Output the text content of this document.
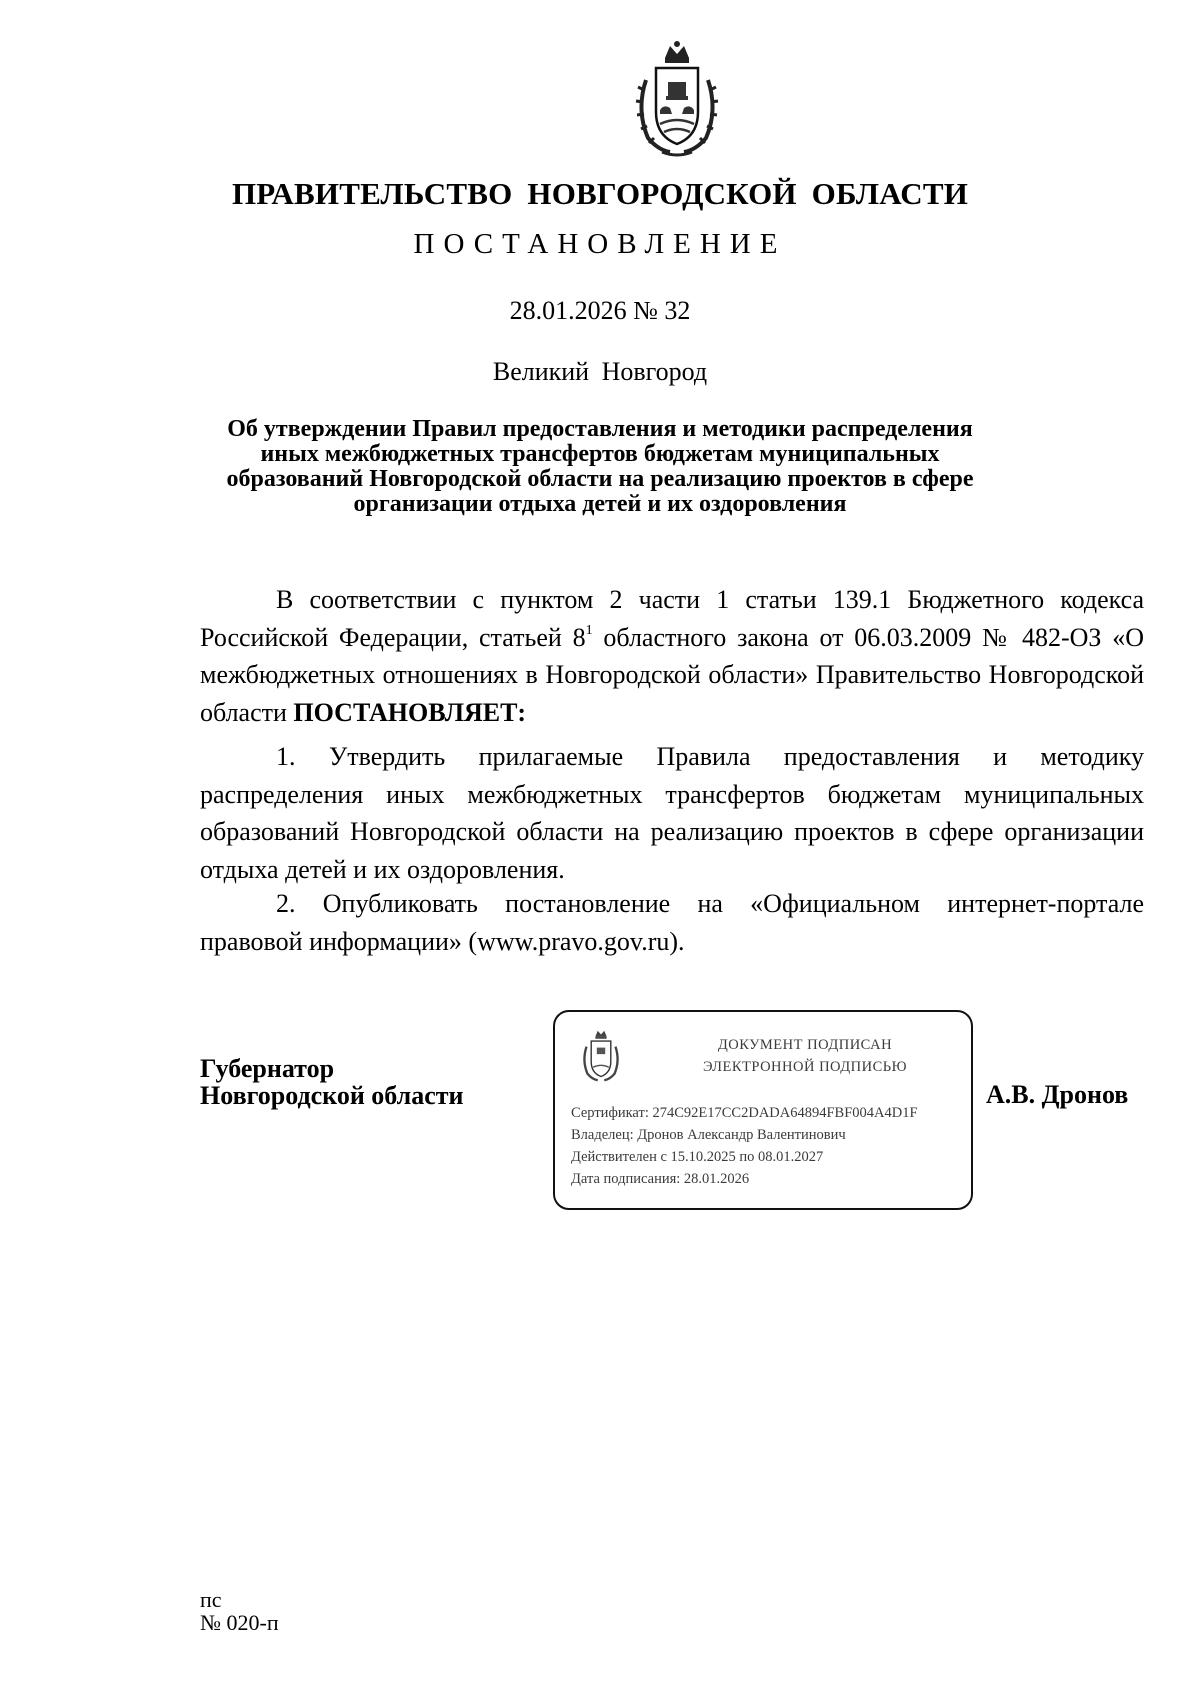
ПРАВИТЕЛЬСТВО НОВГОРОДСКОЙ ОБЛАСТИ
ПОСТАНОВЛЕНИЕ
28.01.2026 № 32
Великий Новгород
Об утверждении Правил предоставления и методики распределения иных межбюджетных трансфертов бюджетам муниципальных образований Новгородской области на реализацию проектов в сфере организации отдыха детей и их оздоровления

В соответствии с пунктом 2 части 1 статьи 139.1 Бюджетного кодекса Российской Федерации, статьей $8^1$ областного закона от 06.03.2009 № 482-ОЗ «О межбюджетных отношениях в Новгородской области» Правительство Новгородской области ПОСТАНОВЛЯЕТ:

1. Утвердить прилагаемые Правила предоставления и методику распределения иных межбюджетных трансфертов бюджетам муниципальных образований Новгородской области на реализацию проектов в сфере организации отдыха детей и их оздоровления.

2. Опубликовать постановление на «Официальном интернет-портале правовой информации» (www.pravo.gov.ru).

Губернатор
Новгородской области	А.В. Дронов
ДОКУМЕНТ ПОДПИСАН
ЭЛЕКТРОННОЙ ПОДПИСЬЮ
Сертификат: 274C92E17CC2DADA64894FBF004A4D1F
Владелец: Дронов Александр Валентинович
Действителен с 15.10.2025 по 08.01.2027
Дата подписания: 28.01.2026
пс
№ 020-п
